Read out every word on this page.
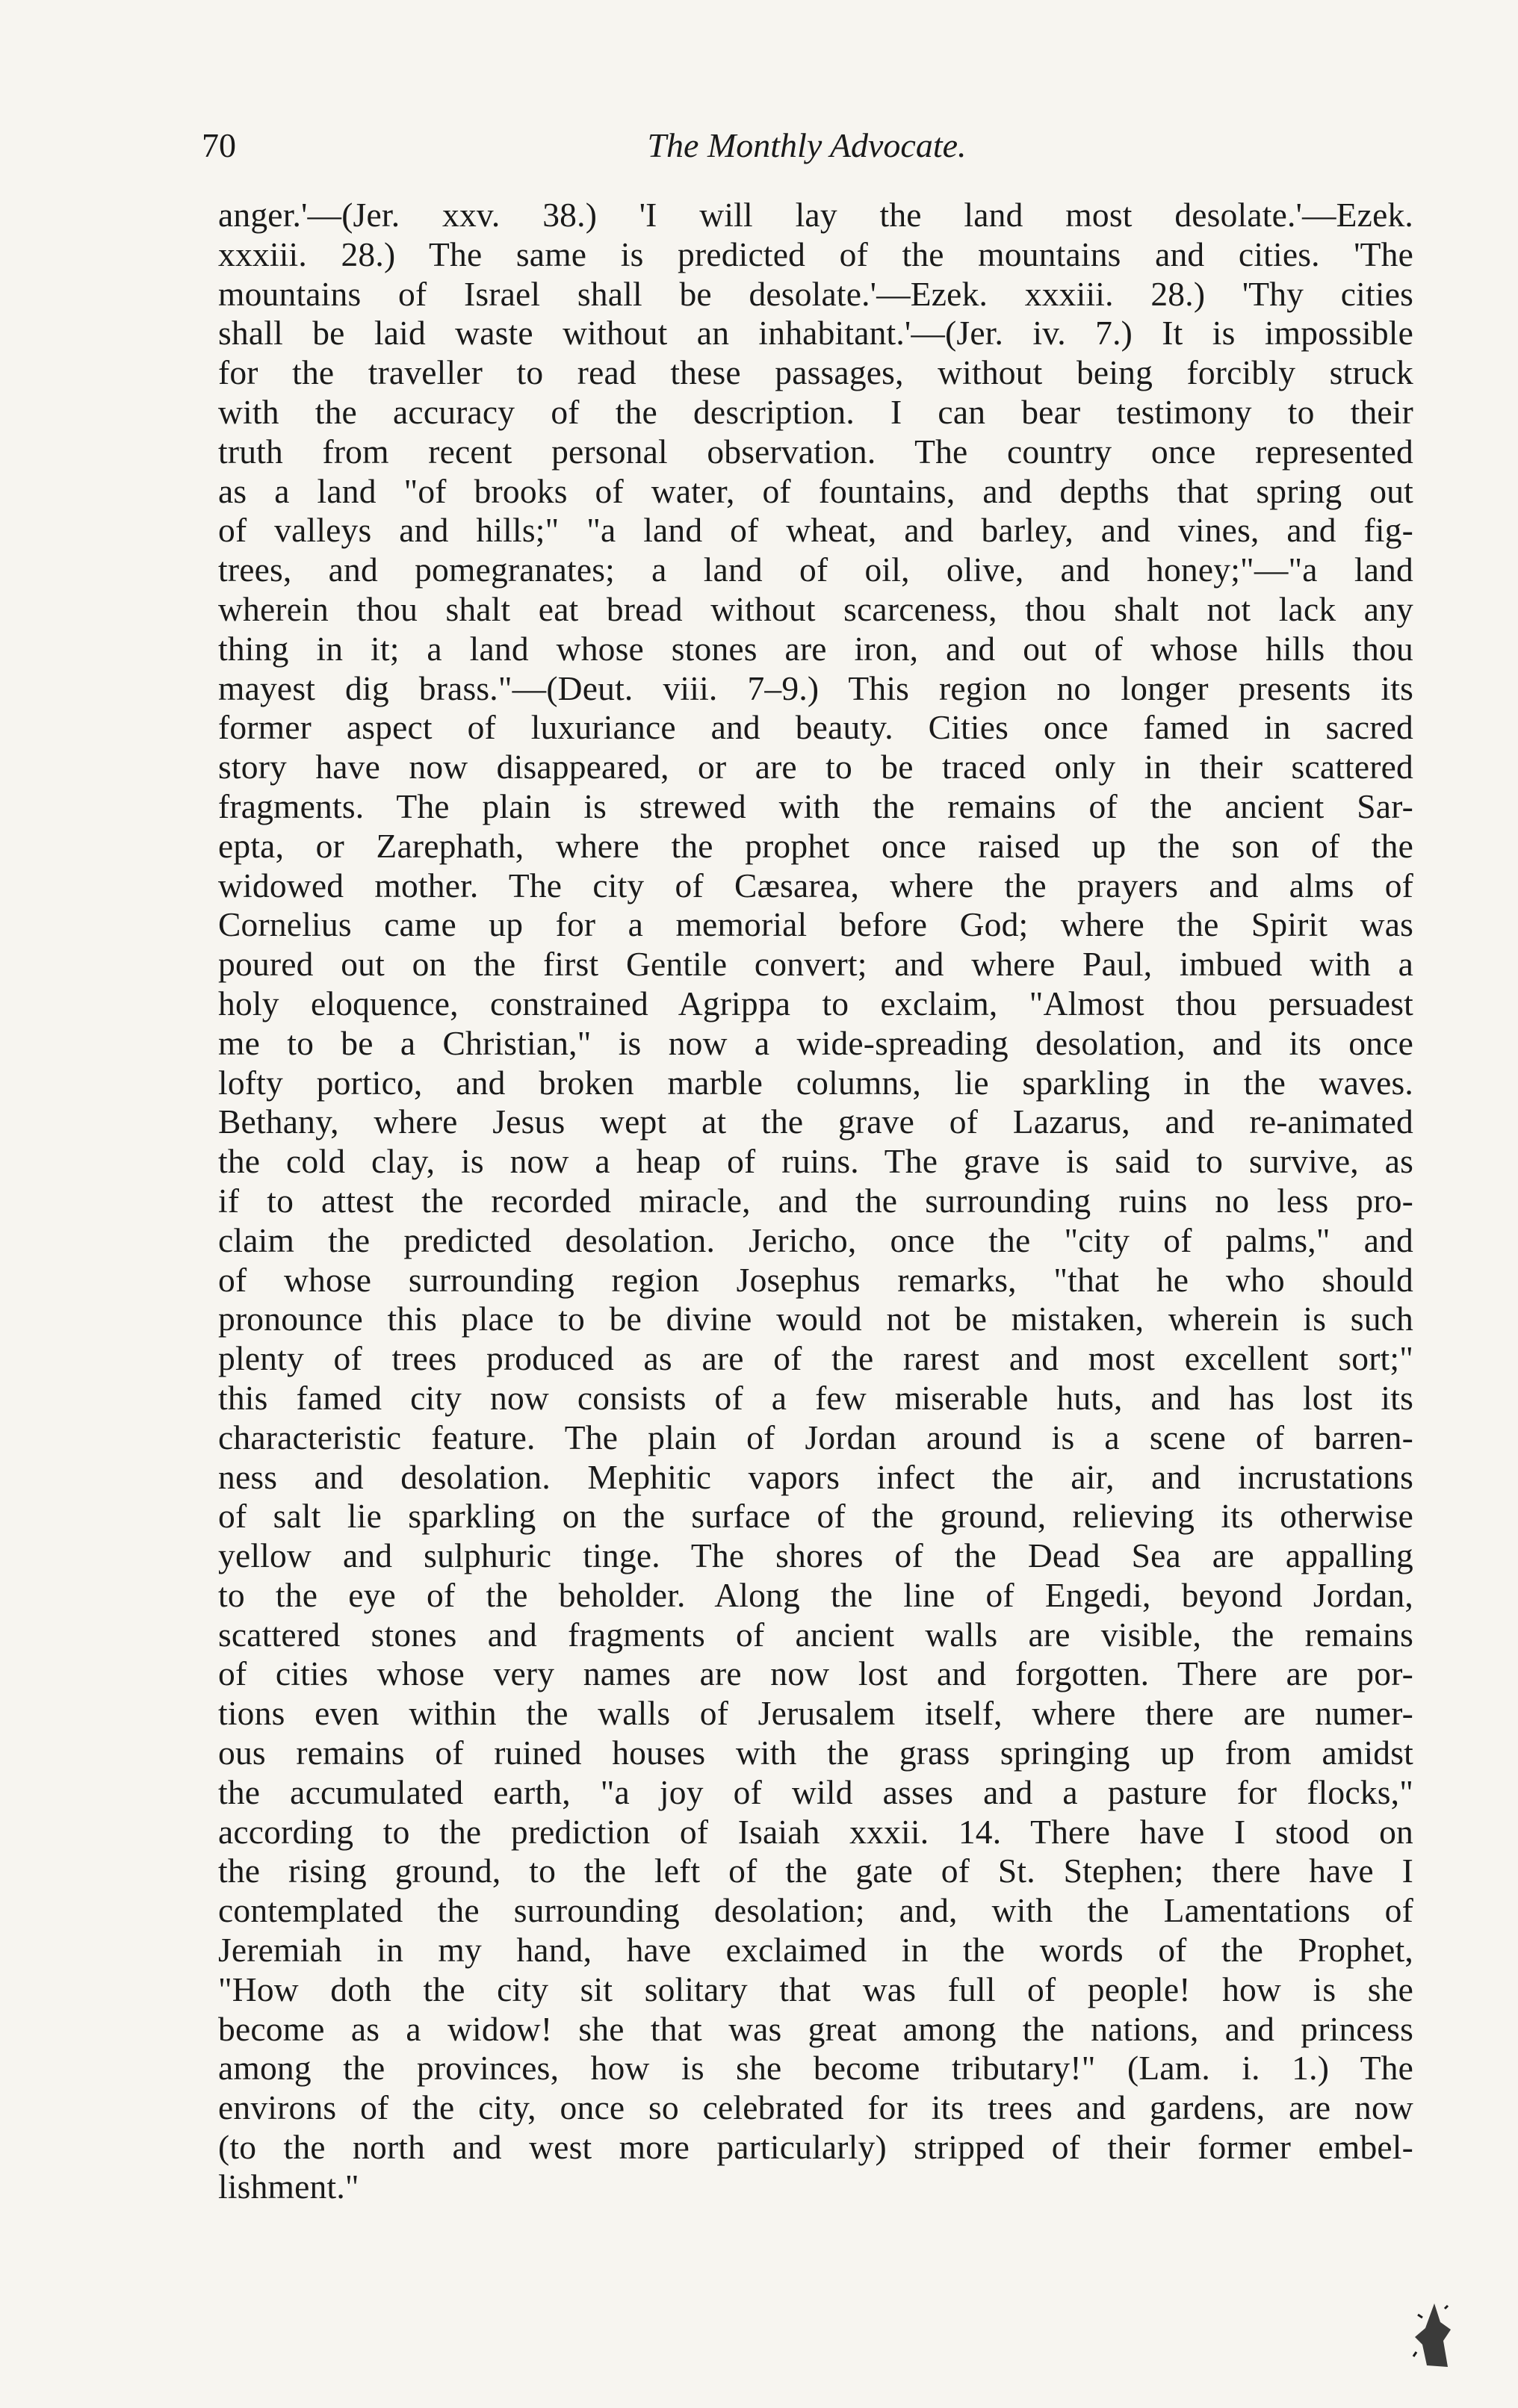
70	The Monthly Advocate.
anger.'—(Jer. xxv. 38.) 'I will lay the land most desolate.'—Ezek.
xxxiii. 28.) The same is predicted of the mountains and cities. 'The
mountains of Israel shall be desolate.'—Ezek. xxxiii. 28.) 'Thy cities
shall be laid waste without an inhabitant.'—(Jer. iv. 7.) It is impossible
for the traveller to read these passages, without being forcibly struck
with the accuracy of the description. I can bear testimony to their
truth from recent personal observation. The country once represented
as a land "of brooks of water, of fountains, and depths that spring out
of valleys and hills;" "a land of wheat, and barley, and vines, and fig-
trees, and pomegranates; a land of oil, olive, and honey;"—"a land
wherein thou shalt eat bread without scarceness, thou shalt not lack any
thing in it; a land whose stones are iron, and out of whose hills thou
mayest dig brass."—(Deut. viii. 7–9.) This region no longer presents its
former aspect of luxuriance and beauty. Cities once famed in sacred
story have now disappeared, or are to be traced only in their scattered
fragments. The plain is strewed with the remains of the ancient Sar-
epta, or Zarephath, where the prophet once raised up the son of the
widowed mother. The city of Cæsarea, where the prayers and alms of
Cornelius came up for a memorial before God; where the Spirit was
poured out on the first Gentile convert; and where Paul, imbued with a
holy eloquence, constrained Agrippa to exclaim, "Almost thou persuadest
me to be a Christian," is now a wide-spreading desolation, and its once
lofty portico, and broken marble columns, lie sparkling in the waves.
Bethany, where Jesus wept at the grave of Lazarus, and re-animated
the cold clay, is now a heap of ruins. The grave is said to survive, as
if to attest the recorded miracle, and the surrounding ruins no less pro-
claim the predicted desolation. Jericho, once the "city of palms," and
of whose surrounding region Josephus remarks, "that he who should
pronounce this place to be divine would not be mistaken, wherein is such
plenty of trees produced as are of the rarest and most excellent sort;"
this famed city now consists of a few miserable huts, and has lost its
characteristic feature. The plain of Jordan around is a scene of barren-
ness and desolation. Mephitic vapors infect the air, and incrustations
of salt lie sparkling on the surface of the ground, relieving its otherwise
yellow and sulphuric tinge. The shores of the Dead Sea are appalling
to the eye of the beholder. Along the line of Engedi, beyond Jordan,
scattered stones and fragments of ancient walls are visible, the remains
of cities whose very names are now lost and forgotten. There are por-
tions even within the walls of Jerusalem itself, where there are numer-
ous remains of ruined houses with the grass springing up from amidst
the accumulated earth, "a joy of wild asses and a pasture for flocks,"
according to the prediction of Isaiah xxxii. 14. There have I stood on
the rising ground, to the left of the gate of St. Stephen; there have I
contemplated the surrounding desolation; and, with the Lamentations of
Jeremiah in my hand, have exclaimed in the words of the Prophet,
"How doth the city sit solitary that was full of people! how is she
become as a widow! she that was great among the nations, and princess
among the provinces, how is she become tributary!" (Lam. i. 1.) The
environs of the city, once so celebrated for its trees and gardens, are now
(to the north and west more particularly) stripped of their former embel-
lishment."
